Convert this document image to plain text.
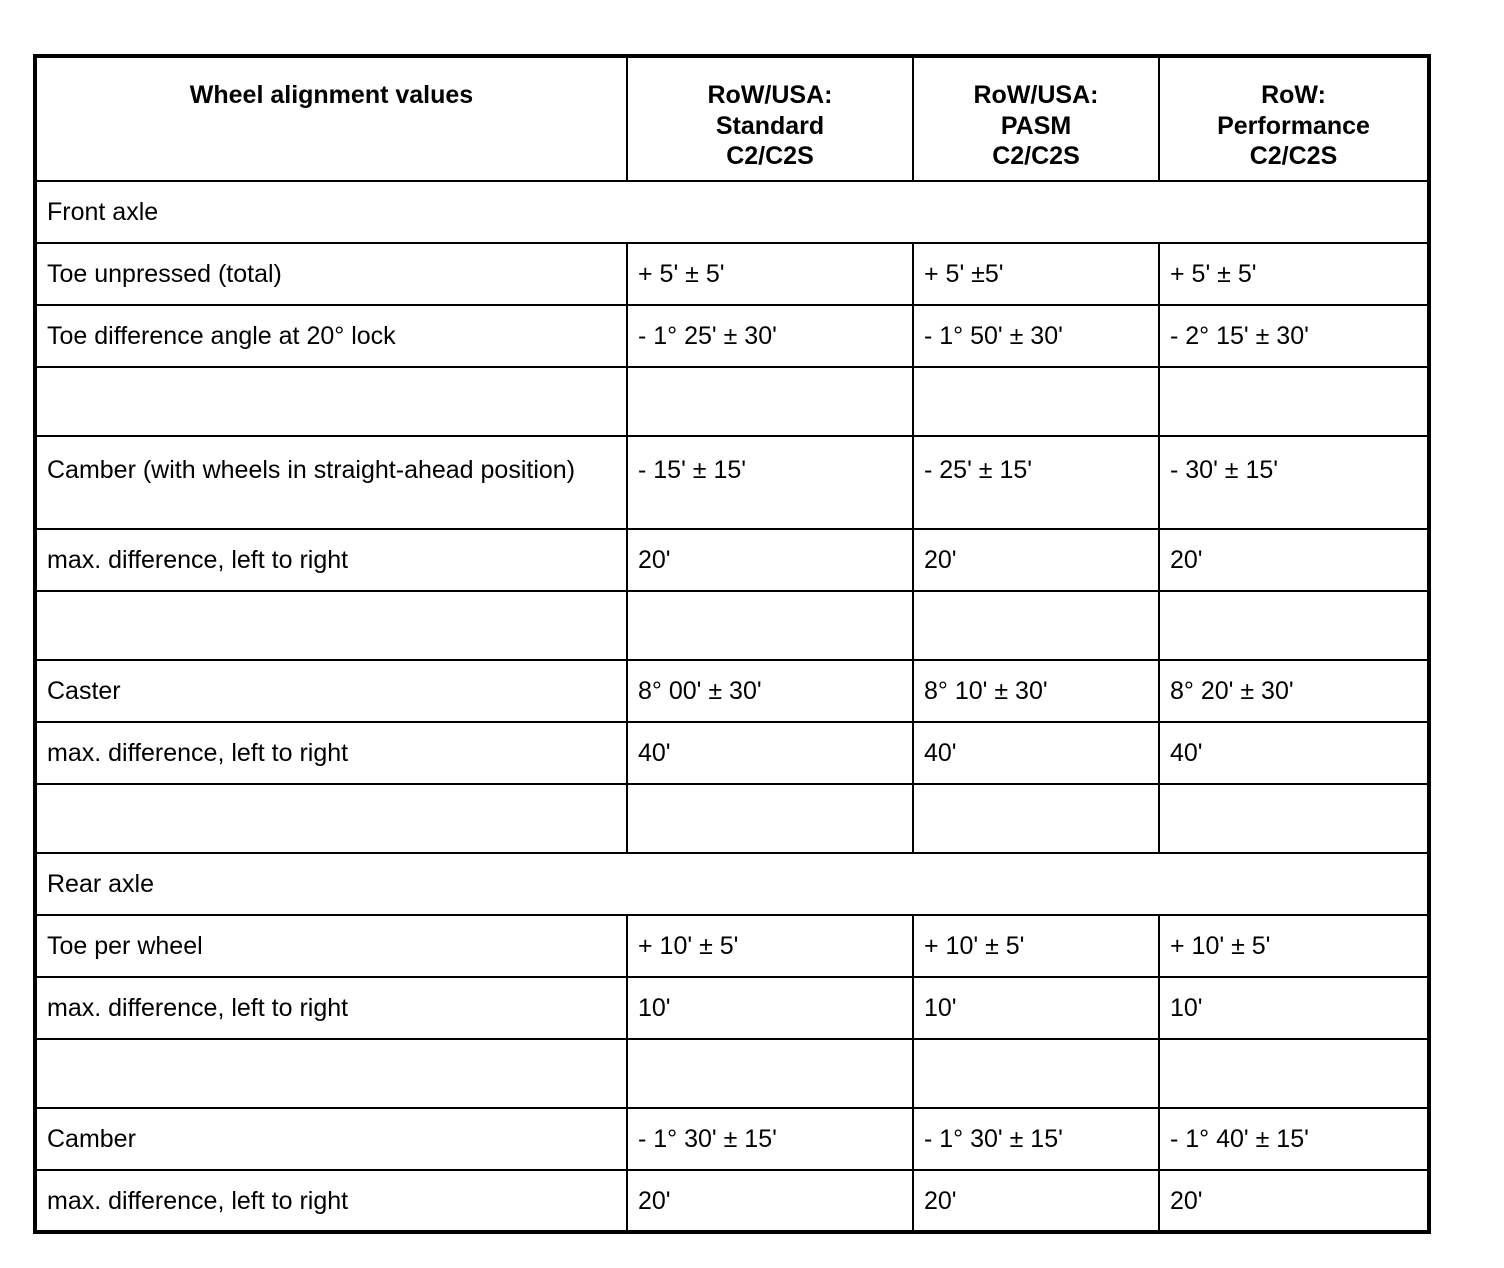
Wheel alignment values	RoW/USA:
Standard
C2/C2S	RoW/USA:
PASM
C2/C2S	RoW:
Performance
C2/C2S

Front axle			
Toe unpressed (total)	+ 5' ± 5'	+ 5' ±5'	+ 5' ± 5'
Toe difference angle at 20° lock	- 1° 25' ± 30'	- 1° 50' ± 30'	- 2° 15' ± 30'

Camber (with wheels in straight-ahead position)	- 15' ± 15'	- 25' ± 15'	- 30' ± 15'
max. difference, left to right	20'	20'	20'

Caster	8° 00' ± 30'	8° 10' ± 30'	8° 20' ± 30'
max. difference, left to right	40'	40'	40'

Rear axle			
Toe per wheel	+ 10' ± 5'	+ 10' ± 5'	+ 10' ± 5'
max. difference, left to right	10'	10'	10'

Camber	- 1° 30' ± 15'	- 1° 30' ± 15'	- 1° 40' ± 15'
max. difference, left to right	20'	20'	20'
